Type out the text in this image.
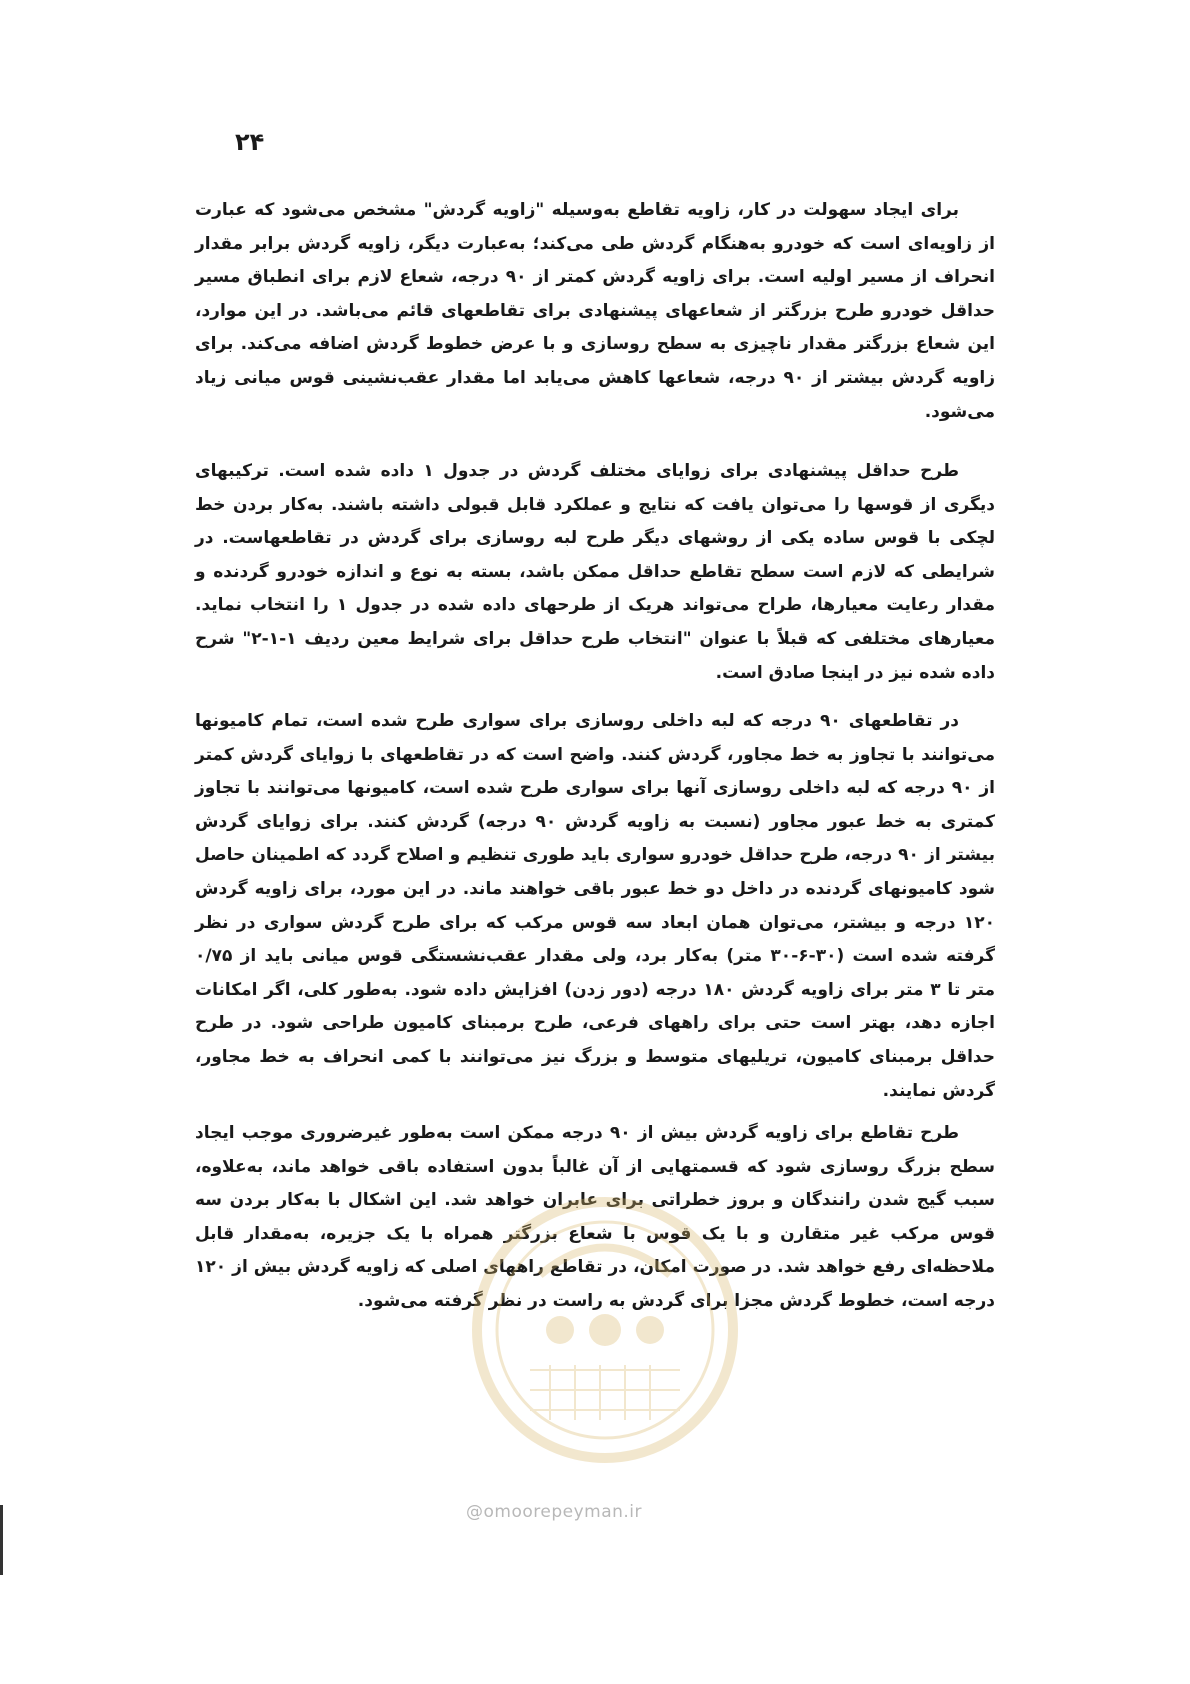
۲۴

برای ایجاد سهولت در کار، زاویه تقاطع به‌وسیله "زاویه گردش" مشخص می‌شود که عبارت از زاویه‌ای است که خودرو به‌هنگام گردش طی می‌کند؛ به‌عبارت دیگر، زاویه گردش برابر مقدار انحراف از مسیر اولیه است. برای زاویه گردش کمتر از ۹۰ درجه، شعاع لازم برای انطباق مسیر حداقل خودرو طرح بزرگتر از شعاعهای پیشنهادی برای تقاطعهای قائم می‌باشد. در این موارد، این شعاع بزرگتر مقدار ناچیزی به سطح روسازی و با عرض خطوط گردش اضافه می‌کند. برای زاویه گردش بیشتر از ۹۰ درجه، شعاعها کاهش می‌یابد اما مقدار عقب‌نشینی قوس میانی زیاد می‌شود.

طرح حداقل پیشنهادی برای زوایای مختلف گردش در جدول ۱ داده شده است. ترکیبهای دیگری از قوسها را می‌توان یافت که نتایج و عملکرد قابل قبولی داشته باشند. به‌کار بردن خط لچکی با قوس ساده یکی از روشهای دیگر طرح لبه روسازی برای گردش در تقاطعهاست. در شرایطی که لازم است سطح تقاطع حداقل ممکن باشد، بسته به نوع و اندازه خودرو گردنده و مقدار رعایت معیارها، طراح می‌تواند هریک از طرحهای داده شده در جدول ۱ را انتخاب نماید. معیارهای مختلفی که قبلاً با عنوان "انتخاب طرح حداقل برای شرایط معین ردیف ۱-۱-۲" شرح داده شده نیز در اینجا صادق است.

در تقاطعهای ۹۰ درجه که لبه داخلی روسازی برای سواری طرح شده است، تمام کامیونها می‌توانند با تجاوز به خط مجاور، گردش کنند. واضح است که در تقاطعهای با زوایای گردش کمتر از ۹۰ درجه که لبه داخلی روسازی آنها برای سواری طرح شده است، کامیونها می‌توانند با تجاوز کمتری به خط عبور مجاور (نسبت به زاویه گردش ۹۰ درجه) گردش کنند. برای زوایای گردش بیشتر از ۹۰ درجه، طرح حداقل خودرو سواری باید طوری تنظیم و اصلاح گردد که اطمینان حاصل شود کامیونهای گردنده در داخل دو خط عبور باقی خواهند ماند. در این مورد، برای زاویه گردش ۱۲۰ درجه و بیشتر، می‌توان همان ابعاد سه قوس مرکب که برای طرح گردش سواری در نظر گرفته شده است (۳۰-۶-۳۰ متر) به‌کار برد، ولی مقدار عقب‌نشستگی قوس میانی باید از ۰/۷۵ متر تا ۳ متر برای زاویه گردش ۱۸۰ درجه (دور زدن) افزایش داده شود. به‌طور کلی، اگر امکانات اجازه دهد، بهتر است حتی برای راههای فرعی، طرح برمبنای کامیون طراحی شود. در طرح حداقل برمبنای کامیون، تریلیهای متوسط و بزرگ نیز می‌توانند با کمی انحراف به خط مجاور، گردش نمایند.

طرح تقاطع برای زاویه گردش بیش از ۹۰ درجه ممکن است به‌طور غیرضروری موجب ایجاد سطح بزرگ روسازی شود که قسمتهایی از آن غالباً بدون استفاده باقی خواهد ماند، به‌علاوه، سبب گیج شدن رانندگان و بروز خطراتی برای عابران خواهد شد. این اشکال با به‌کار بردن سه قوس مرکب غیر متقارن و با یک قوس با شعاع بزرگتر همراه با یک جزیره، به‌مقدار قابل ملاحظه‌ای رفع خواهد شد. در صورت امکان، در تقاطع راههای اصلی که زاویه گردش بیش از ۱۲۰ درجه است، خطوط گردش مجزا برای گردش به راست در نظر گرفته می‌شود.

@omoorepeyman.ir
